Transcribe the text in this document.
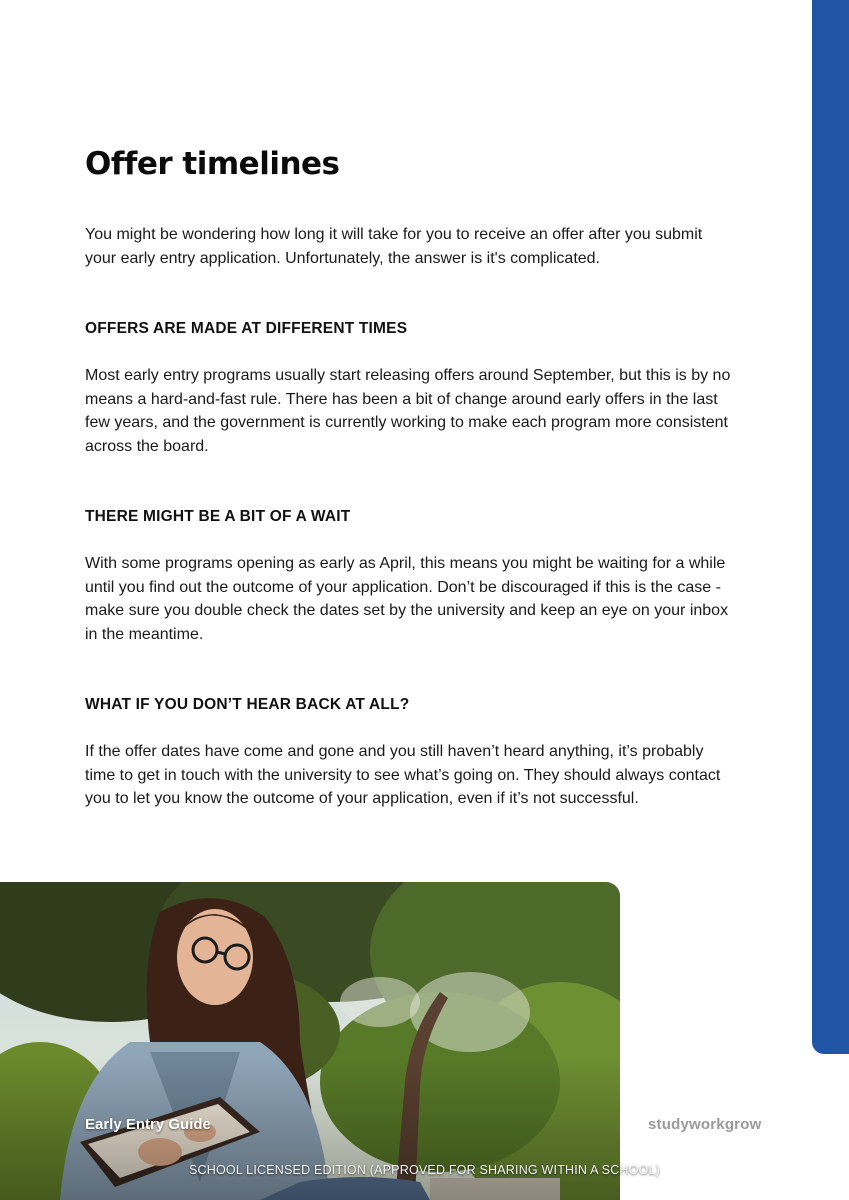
Offer timelines

You might be wondering how long it will take for you to receive an offer after you submit your early entry application. Unfortunately, the answer is it's complicated.

OFFERS ARE MADE AT DIFFERENT TIMES

Most early entry programs usually start releasing offers around September, but this is by no means a hard-and-fast rule. There has been a bit of change around early offers in the last few years, and the government is currently working to make each program more consistent across the board.

THERE MIGHT BE A BIT OF A WAIT

With some programs opening as early as April, this means you might be waiting for a while until you find out the outcome of your application. Don’t be discouraged if this is the case - make sure you double check the dates set by the university and keep an eye on your inbox in the meantime.

WHAT IF YOU DON’T HEAR BACK AT ALL?

If the offer dates have come and gone and you still haven’t heard anything, it’s probably time to get in touch with the university to see what’s going on. They should always contact you to let you know the outcome of your application, even if it’s not successful.

Early Entry Guide	studyworkgrow
SCHOOL LICENSED EDITION (APPROVED FOR SHARING WITHIN A SCHOOL)
